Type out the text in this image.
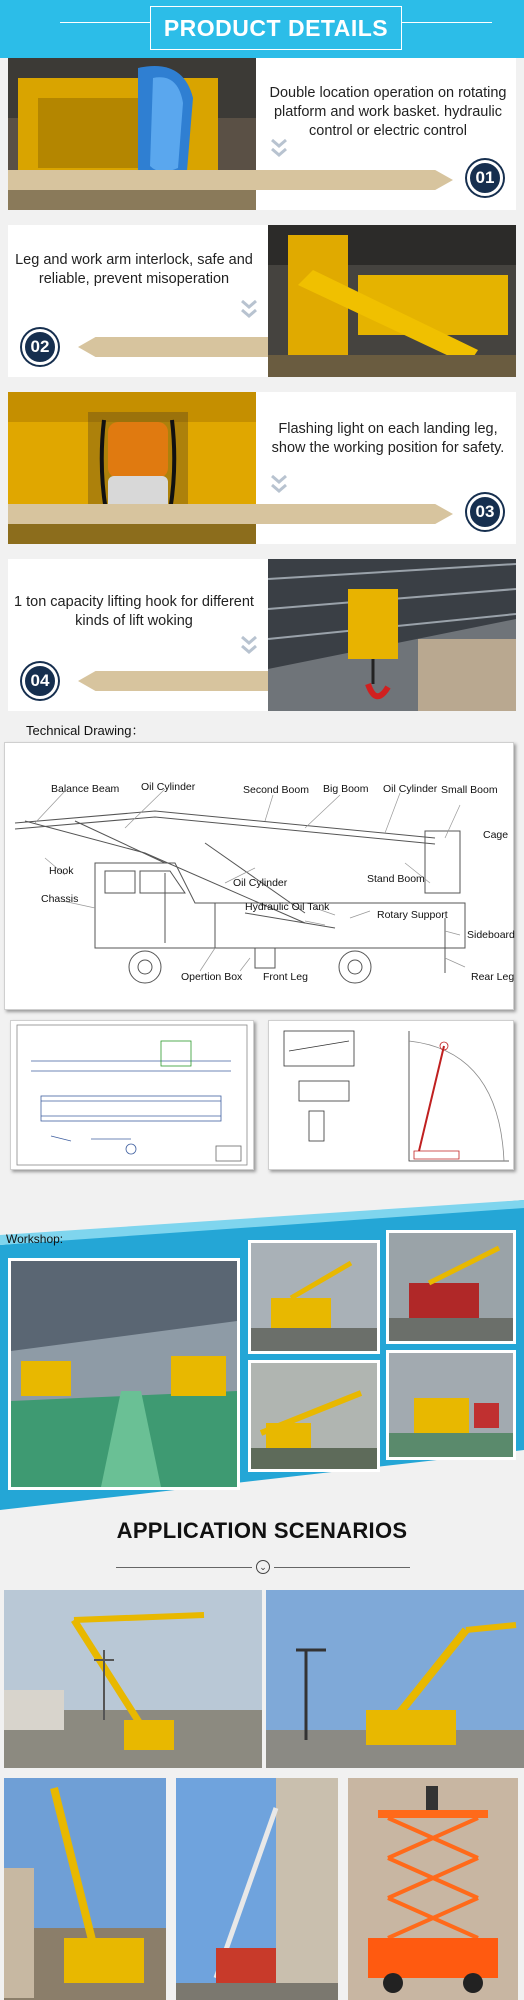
PRODUCT DETAILS
Double location operation on rotating platform and work basket. hydraulic control or electric control
01
Leg and work arm interlock, safe and reliable, prevent misoperation
02
Flashing light on each landing leg, show the working position for safety.
03
1 ton capacity lifting hook for different kinds of lift woking
04
Technical Drawing：
Balance Beam Oil Cylinder	Second Boom Big Boom Oil Cylinder Small Boom
Cage
Hook
Chassis
Oil Cylinder	Stand Boom
Hydraulic Oil Tank
Rotary Support
Sideboard
Opertion Box Front Leg	Rear Leg
Workshop:
APPLICATION SCENARIOS
⌄
